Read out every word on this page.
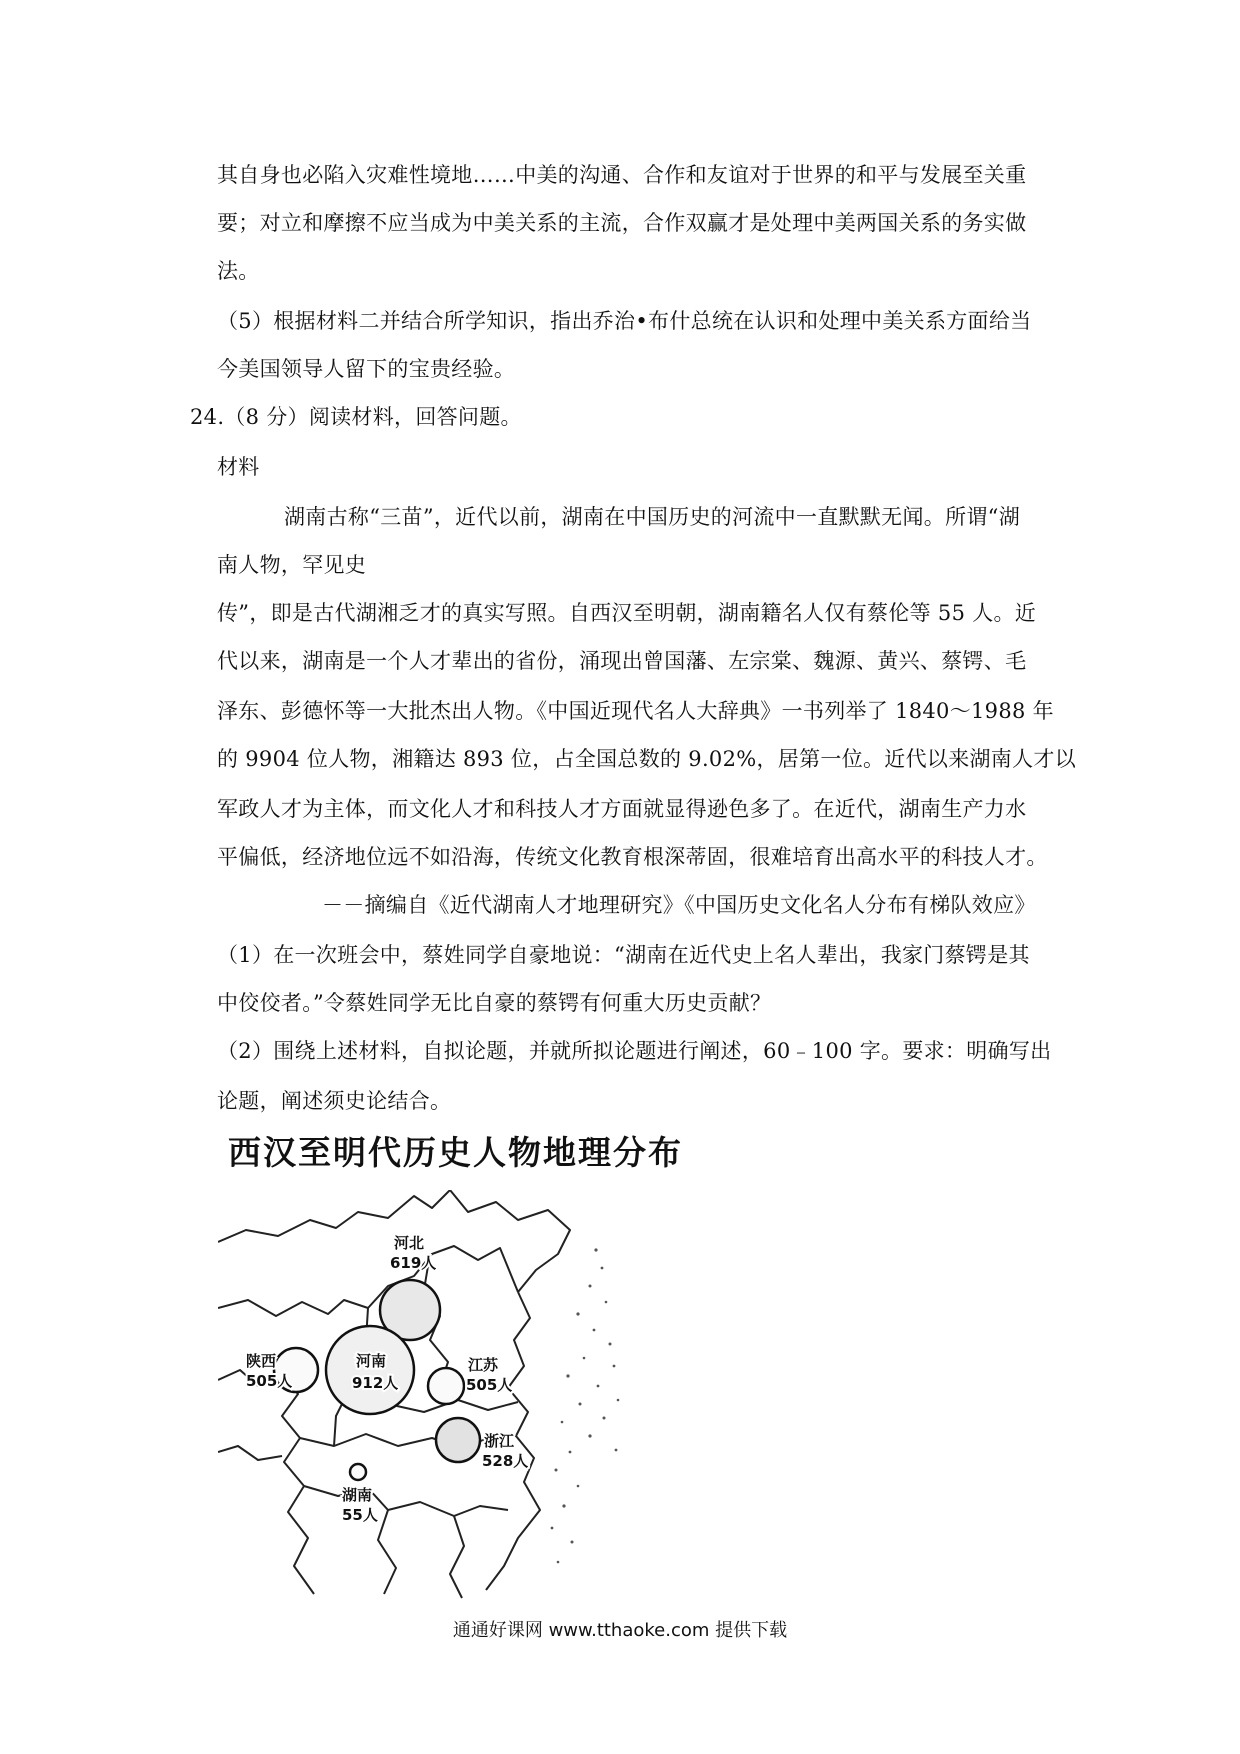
其自身也必陷入灾难性境地……中美的沟通、合作和友谊对于世界的和平与发展至关重
要；对立和摩擦不应当成为中美关系的主流，合作双赢才是处理中美两国关系的务实做
法。
（5）根据材料二并结合所学知识，指出乔治•布什总统在认识和处理中美关系方面给当
今美国领导人留下的宝贵经验。
24.（8 分）阅读材料，回答问题。
材料
湖南古称“三苗”，近代以前，湖南在中国历史的河流中一直默默无闻。所谓“湖
南人物，罕见史
传”，即是古代湖湘乏才的真实写照。自西汉至明朝，湖南籍名人仅有蔡伦等 55 人。近
代以来，湖南是一个人才辈出的省份，涌现出曾国藩、左宗棠、魏源、黄兴、蔡锷、毛
泽东、彭德怀等一大批杰出人物。《中国近现代名人大辞典》一书列举了 1840～1988 年
的 9904 位人物，湘籍达 893 位，占全国总数的 9.02%，居第一位。近代以来湖南人才以
军政人才为主体，而文化人才和科技人才方面就显得逊色多了。在近代，湖南生产力水
平偏低，经济地位远不如沿海，传统文化教育根深蒂固，很难培育出高水平的科技人才。
－－摘编自《近代湖南人才地理研究》《中国历史文化名人分布有梯队效应》
（1）在一次班会中，蔡姓同学自豪地说：“湖南在近代史上名人辈出，我家门蔡锷是其
中佼佼者。”令蔡姓同学无比自豪的蔡锷有何重大历史贡献？
（2）围绕上述材料，自拟论题，并就所拟论题进行阐述，60﹣100 字。要求：明确写出
论题，阐述须史论结合。
西汉至明代历史人物地理分布
河北
619人
陕西
505人
河南
912人
江苏
505人
浙江
528人
湖南
55人
通通好课网 www.tthaoke.com 提供下载
